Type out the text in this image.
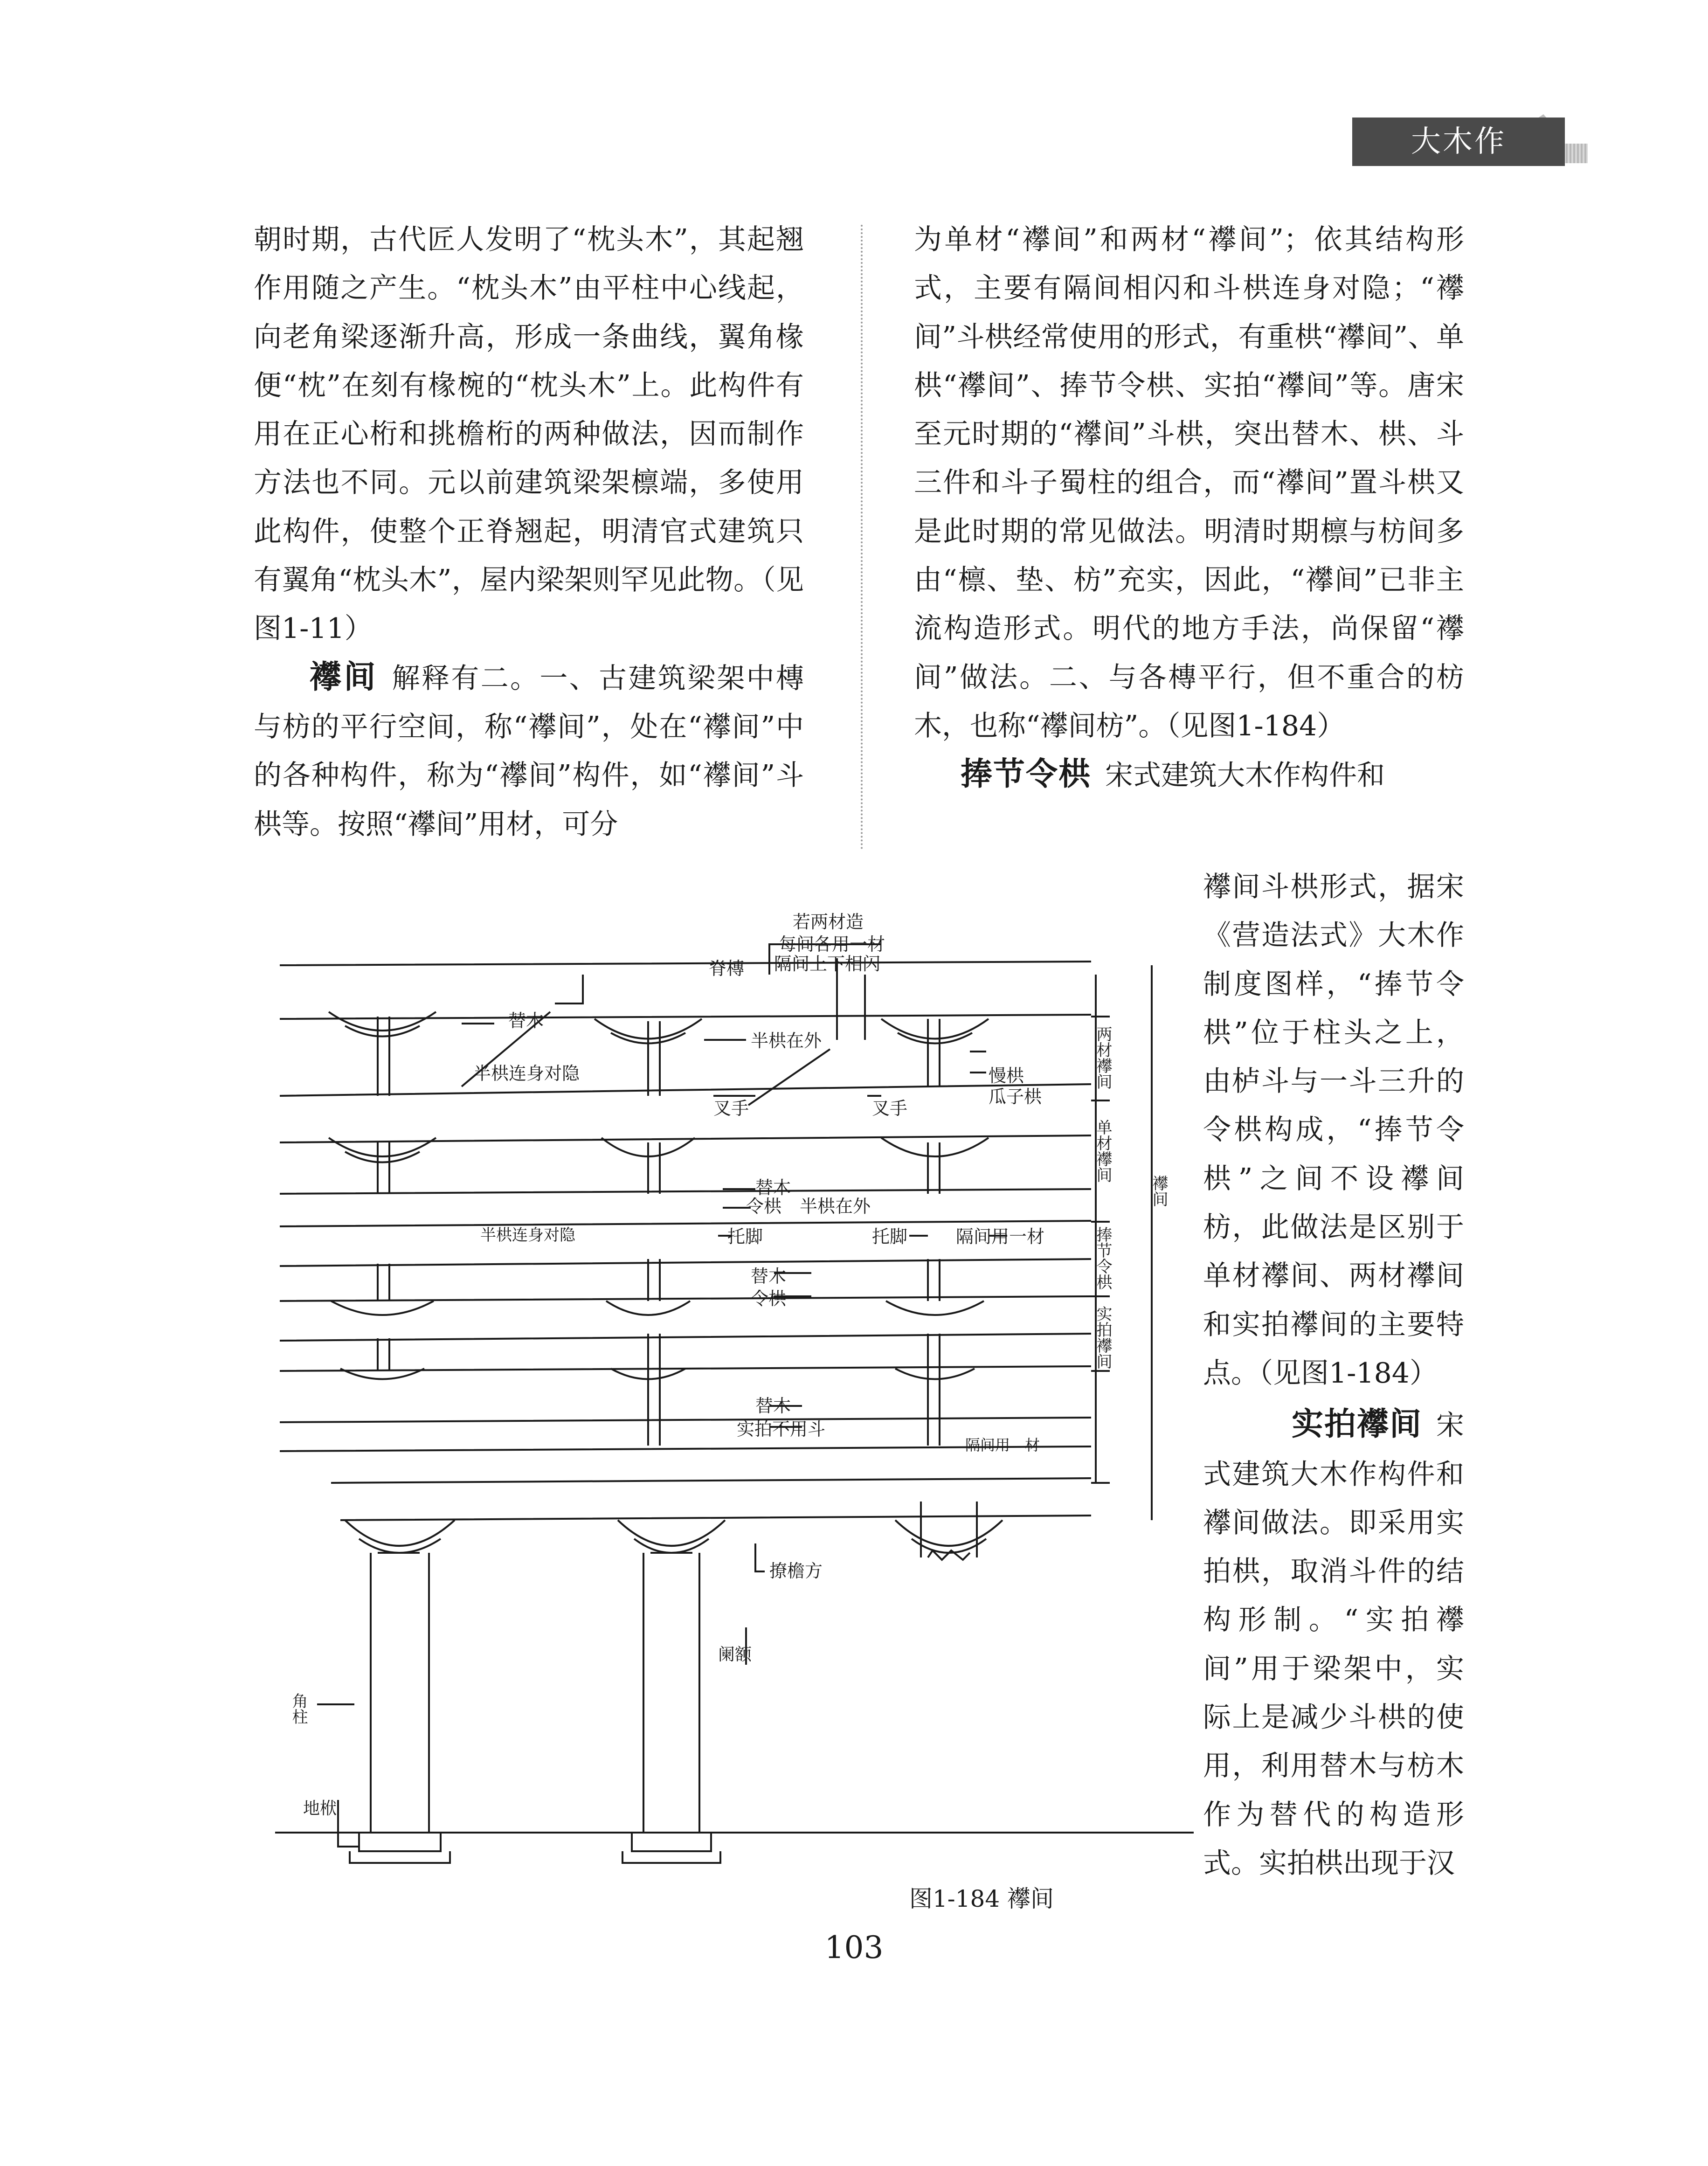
大木作

朝时期，古代匠人发明了“枕头木”，其起翘作用随之产生。“枕头木”由平柱中心线起，向老角梁逐渐升高，形成一条曲线，翼角椽便“枕”在刻有椽椀的“枕头木”上。此构件有用在正心桁和挑檐桁的两种做法，因而制作方法也不同。元以前建筑梁架檩端，多使用此构件，使整个正脊翘起，明清官式建筑只有翼角“枕头木”，屋内梁架则罕见此物。（见图1-11）

襻间 解释有二。一、古建筑梁架中槫与枋的平行空间，称“襻间”，处在“襻间”中的各种构件，称为“襻间”构件，如“襻间”斗栱等。按照“襻间”用材，可分

为单材“襻间”和两材“襻间”；依其结构形式，主要有隔间相闪和斗栱连身对隐；“襻间”斗栱经常使用的形式，有重栱“襻间”、单栱“襻间”、捧节令栱、实拍“襻间”等。唐宋至元时期的“襻间”斗栱，突出替木、栱、斗三件和斗子蜀柱的组合，而“襻间”置斗栱又是此时期的常见做法。明清时期檩与枋间多由“檩、垫、枋”充实，因此，“襻间”已非主流构造形式。明代的地方手法，尚保留“襻间”做法。二、与各槫平行，但不重合的枋木，也称“襻间枋”。（见图1-184）

捧节令栱 宋式建筑大木作构件和

襻间斗栱形式，据宋《营造法式》大木作制度图样，“捧节令栱”位于柱头之上，由栌斗与一斗三升的令栱构成，“捧节令栱”之间不设襻间枋，此做法是区别于单材襻间、两材襻间和实拍襻间的主要特点。（见图1-184）

实拍襻间 宋

式建筑大木作构件和襻间做法。即采用实拍栱，取消斗件的结构形制。“实拍襻间”用于梁架中，实际上是减少斗栱的使用，利用替木与枋木作为替代的构造形式。实拍栱出现于汉

若两材造
每间各用一材
隔间上下相闪
脊槫
替木
半栱在外
半栱连身对隐	慢栱
瓜子栱
叉手	叉手
替木
令栱 半栱在外
半栱连身对隐	托脚	托脚	隔间用一材
替木
令栱
替木
实拍不用斗
隔间用　材
撩檐方
阑额
地栿
角柱
两材襻间
单材襻间
捧节令栱
实拍襻间
襻间
图1-184 襻间
103
